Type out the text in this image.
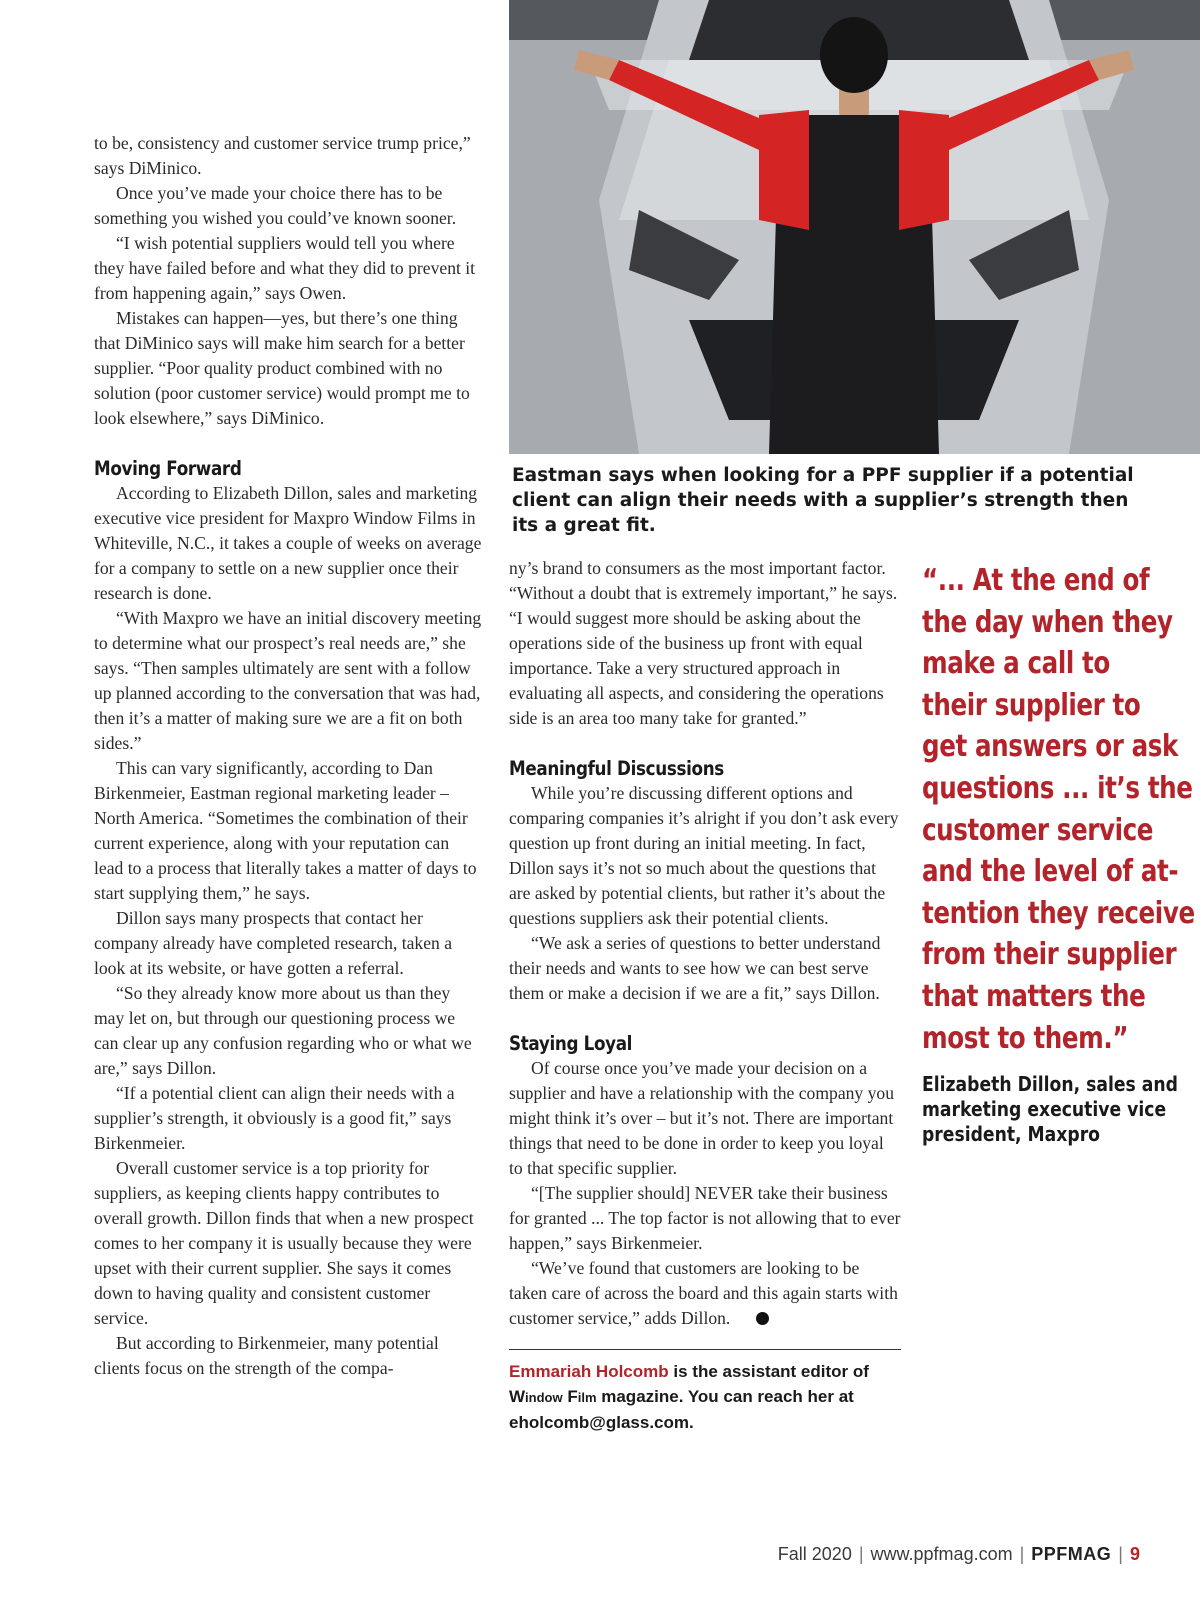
Eastman says when looking for a PPF supplier if a potential client can align their needs with a supplier’s strength then its a great fit.

to be, consistency and customer service trump price,” says DiMinico.

Once you’ve made your choice there has to be something you wished you could’ve known sooner.

“I wish potential suppliers would tell you where they have failed before and what they did to prevent it from happening again,” says Owen.

Mistakes can happen—yes, but there’s one thing that DiMinico says will make him search for a better supplier. “Poor quality product combined with no solution (poor customer service) would prompt me to look elsewhere,” says DiMinico.

Moving Forward

According to Elizabeth Dillon, sales and marketing executive vice president for Maxpro Window Films in Whiteville, N.C., it takes a couple of weeks on average for a company to settle on a new supplier once their research is done.

“With Maxpro we have an initial discovery meeting to determine what our prospect’s real needs are,” she says. “Then samples ultimately are sent with a follow up planned according to the conversation that was had, then it’s a matter of making sure we are a fit on both sides.”

This can vary significantly, according to Dan Birkenmeier, Eastman regional marketing leader – North America. “Sometimes the combination of their current experience, along with your reputation can lead to a process that literally takes a matter of days to start supplying them,” he says.

Dillon says many prospects that contact her company already have completed research, taken a look at its website, or have gotten a referral.

“So they already know more about us than they may let on, but through our questioning process we can clear up any confusion regarding who or what we are,” says Dillon.

“If a potential client can align their needs with a supplier’s strength, it obviously is a good fit,” says Birkenmeier.

Overall customer service is a top priority for suppliers, as keeping clients happy contributes to overall growth. Dillon finds that when a new prospect comes to her company it is usually because they were upset with their current supplier. She says it comes down to having quality and consistent customer service.

But according to Birkenmeier, many potential clients focus on the strength of the compa-

ny’s brand to consumers as the most important factor. “Without a doubt that is extremely important,” he says. “I would suggest more should be asking about the operations side of the business up front with equal importance. Take a very structured approach in evaluating all aspects, and considering the operations side is an area too many take for granted.”

Meaningful Discussions

While you’re discussing different options and comparing companies it’s alright if you don’t ask every question up front during an initial meeting. In fact, Dillon says it’s not so much about the questions that are asked by potential clients, but rather it’s about the questions suppliers ask their potential clients.

“We ask a series of questions to better understand their needs and wants to see how we can best serve them or make a decision if we are a fit,” says Dillon.

Staying Loyal

Of course once you’ve made your decision on a supplier and have a relationship with the company you might think it’s over – but it’s not. There are important things that need to be done in order to keep you loyal to that specific supplier.

“[The supplier should] NEVER take their business for granted ... The top factor is not allowing that to ever happen,” says Birkenmeier.

“We’ve found that customers are looking to be taken care of across the board and this again starts with customer service,” adds Dillon.

Emmariah Holcomb is the assistant editor of Window Film magazine. You can reach her at eholcomb@glass.com.
“... At the end of
the day when they
make a call to
their supplier to
get answers or ask
questions ... it’s the
customer service
and the level of at-
tention they receive
from their supplier
that matters the
most to them.”
Elizabeth Dillon, sales and
marketing executive vice
president, Maxpro
Fall 2020 | www.ppfmag.com | PPFMAG | 9
